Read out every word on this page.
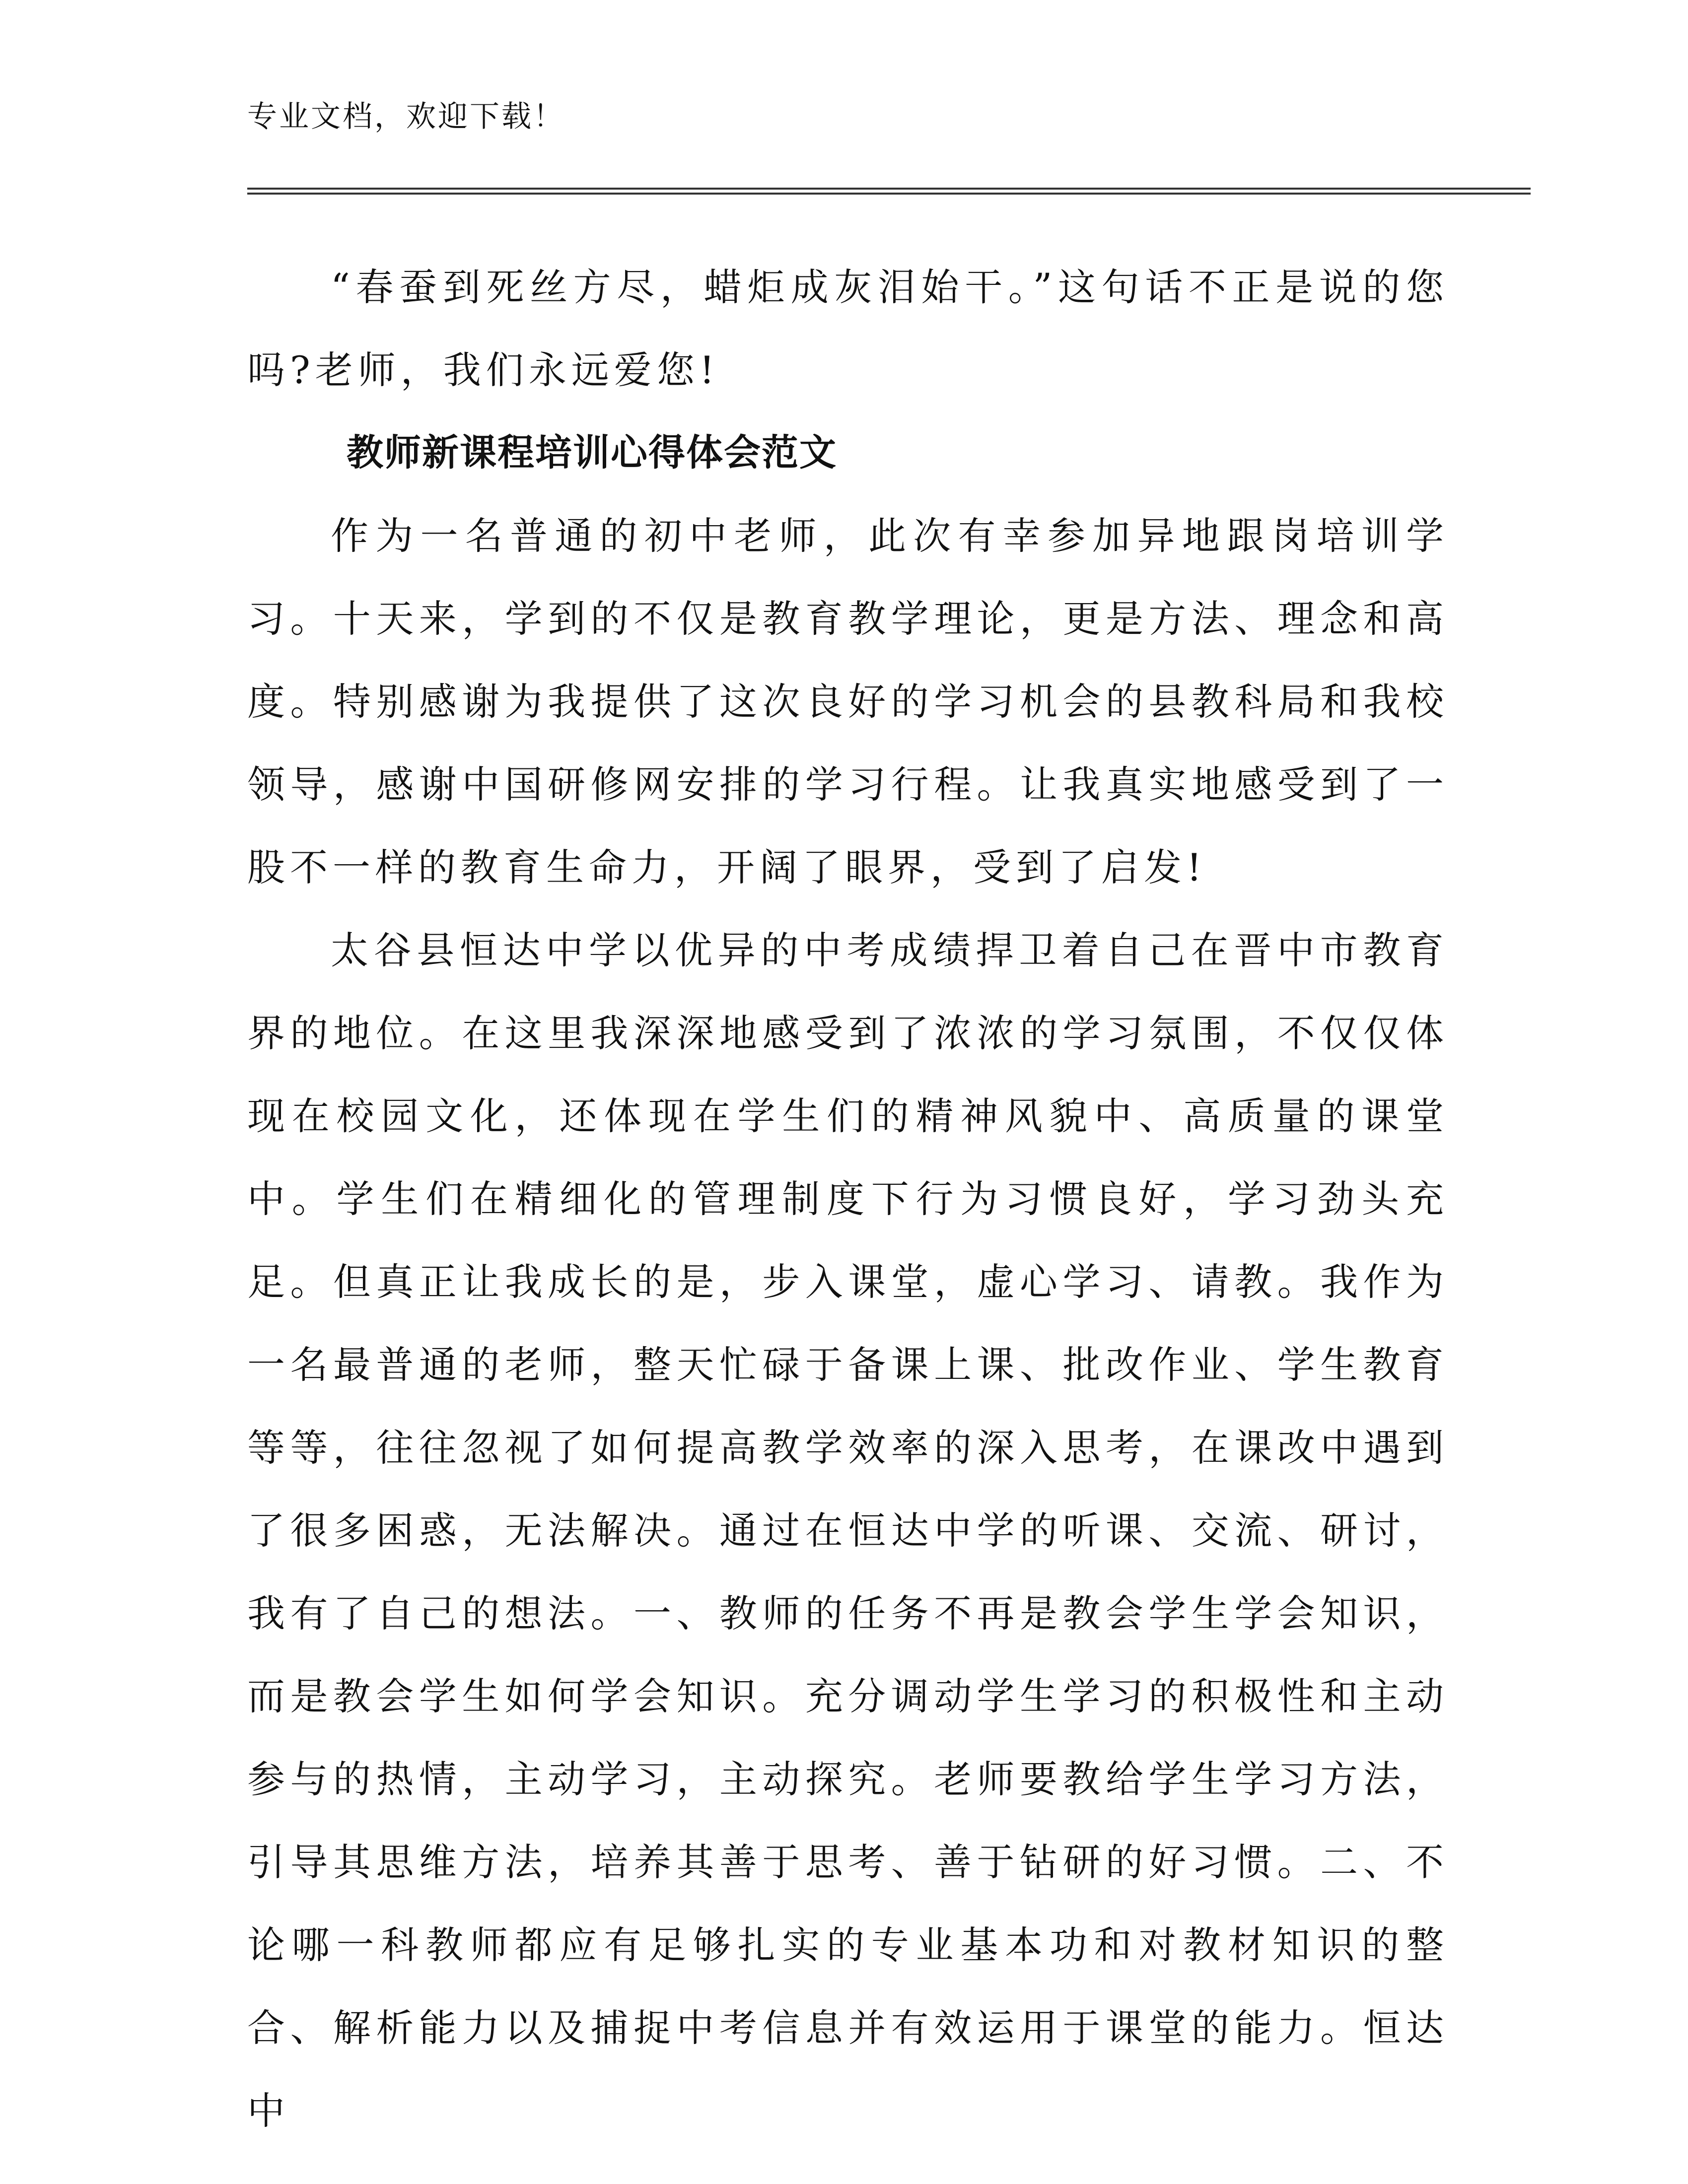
专业文档，欢迎下载！

“春蚕到死丝方尽，蜡炬成灰泪始干。”这句话不正是说的您吗?老师，我们永远爱您!

教师新课程培训心得体会范文

作为一名普通的初中老师，此次有幸参加异地跟岗培训学习。十天来，学到的不仅是教育教学理论，更是方法、理念和高度。特别感谢为我提供了这次良好的学习机会的县教科局和我校领导，感谢中国研修网安排的学习行程。让我真实地感受到了一股不一样的教育生命力，开阔了眼界，受到了启发!

太谷县恒达中学以优异的中考成绩捍卫着自己在晋中市教育界的地位。在这里我深深地感受到了浓浓的学习氛围，不仅仅体现在校园文化，还体现在学生们的精神风貌中、高质量的课堂中。学生们在精细化的管理制度下行为习惯良好，学习劲头充足。但真正让我成长的是，步入课堂，虚心学习、请教。我作为一名最普通的老师，整天忙碌于备课上课、批改作业、学生教育等等，往往忽视了如何提高教学效率的深入思考，在课改中遇到了很多困惑，无法解决。通过在恒达中学的听课、交流、研讨，我有了自己的想法。一、教师的任务不再是教会学生学会知识，而是教会学生如何学会知识。充分调动学生学习的积极性和主动参与的热情，主动学习，主动探究。老师要教给学生学习方法，引导其思维方法，培养其善于思考、善于钻研的好习惯。二、不论哪一科教师都应有足够扎实的专业基本功和对教材知识的整合、解析能力以及捕捉中考信息并有效运用于课堂的能力。恒达中
